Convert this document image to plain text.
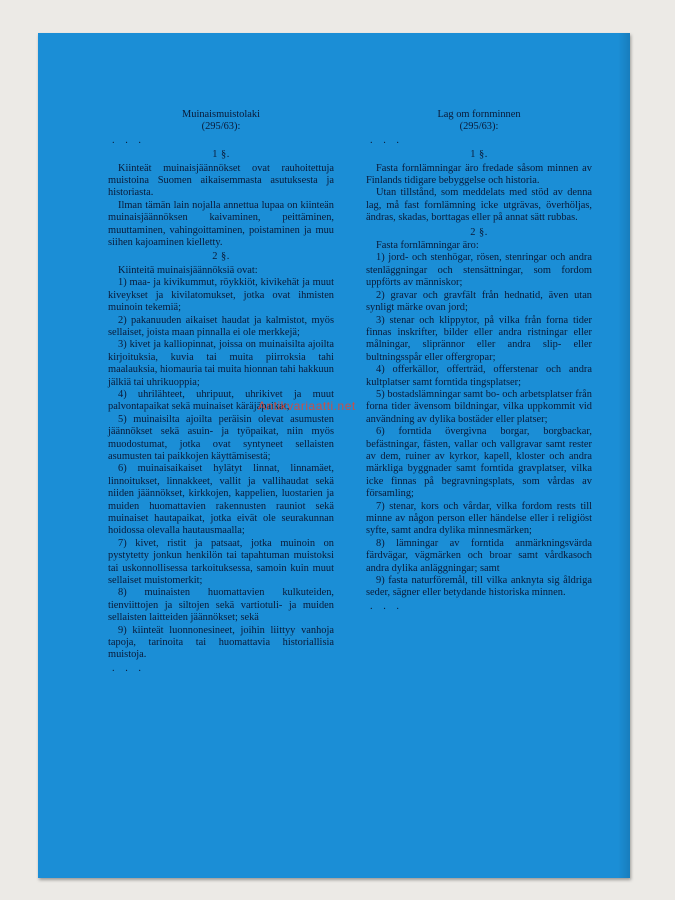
Muinaismuistolaki

(295/63):

. . .

1 §.

Kiinteät muinaisjäännökset ovat rauhoitettuja muistoina Suomen aikaisemmasta asutuksesta ja historiasta.

Ilman tämän lain nojalla annettua lupaa on kiinteän muinaisjäännöksen kaivaminen, peittäminen, muuttaminen, vahingoittaminen, poistaminen ja muu siihen kajoaminen kielletty.

2 §.

Kiinteitä muinaisjäännöksiä ovat:

1) maa- ja kivikummut, röykkiöt, kivikehät ja muut kiveykset ja kivilatomukset, jotka ovat ihmisten muinoin tekemiä;

2) pakanuuden aikaiset haudat ja kalmistot, myös sellaiset, joista maan pinnalla ei ole merkkejä;

3) kivet ja kalliopinnat, joissa on muinaisilta ajoilta kirjoituksia, kuvia tai muita piirroksia tahi maalauksia, hiomauria tai muita hionnan tahi hakkuun jälkiä tai uhrikuoppia;

4) uhrilähteet, uhripuut, uhrikivet ja muut palvontapaikat sekä muinaiset käräjäpaikat;

5) muinaisilta ajoilta peräisin olevat asumusten jäännökset sekä asuin- ja työpaikat, niin myös muodostumat, jotka ovat syntyneet sellaisten asumusten tai paikkojen käyttämisestä;

6) muinaisaikaiset hylätyt linnat, linnamäet, linnoitukset, linnakkeet, vallit ja vallihaudat sekä niiden jäännökset, kirkkojen, kappelien, luostarien ja muiden huomattavien rakennusten rauniot sekä muinaiset hautapaikat, jotka eivät ole seurakunnan hoidossa olevalla hautausmaalla;

7) kivet, ristit ja patsaat, jotka muinoin on pystytetty jonkun henkilön tai tapahtuman muistoksi tai uskonnollisessa tarkoituksessa, samoin kuin muut sellaiset muistomerkit;

8) muinaisten huomattavien kulkuteiden, tienviittojen ja siltojen sekä vartiotuli- ja muiden sellaisten laitteiden jäännökset; sekä

9) kiinteät luonnonesineet, joihin liittyy vanhoja tapoja, tarinoita tai huomattavia historiallisia muistoja.

. . .

Lag om fornminnen

(295/63):

. . .

1 §.

Fasta fornlämningar äro fredade såsom minnen av Finlands tidigare bebyggelse och historia.

Utan tillstånd, som meddelats med stöd av denna lag, må fast fornlämning icke utgrävas, överhöljas, ändras, skadas, borttagas eller på annat sätt rubbas.

2 §.

Fasta fornlämningar äro:

1) jord- och stenhögar, rösen, stenringar och andra stenläggningar och stensättningar, som fordom uppförts av människor;

2) gravar och gravfält från hednatid, även utan synligt märke ovan jord;

3) stenar och klippytor, på vilka från forna tider finnas inskrifter, bilder eller andra ristningar eller målningar, sliprännor eller andra slip- eller bultningsspår eller offergropar;

4) offerkällor, offerträd, offerstenar och andra kultplatser samt forntida tingsplatser;

5) bostadslämningar samt bo- och arbetsplatser från forna tider ävensom bildningar, vilka uppkommit vid användning av dylika bostäder eller platser;

6) forntida övergivna borgar, borgbackar, befästningar, fästen, vallar och vallgravar samt rester av dem, ruiner av kyrkor, kapell, kloster och andra märkliga byggnader samt forntida gravplatser, vilka icke finnas på begravningsplats, som vårdas av församling;

7) stenar, kors och vårdar, vilka fordom rests till minne av någon person eller händelse eller i religiöst syfte, samt andra dylika minnesmärken;

8) lämningar av forntida anmärkningsvärda färdvägar, vägmärken och broar samt vårdkasoch andra dylika anläggningar; samt

9) fasta naturföremål, till vilka anknyta sig åldriga seder, sägner eller betydande historiska minnen.

. . .

Antikvariaatti.net
